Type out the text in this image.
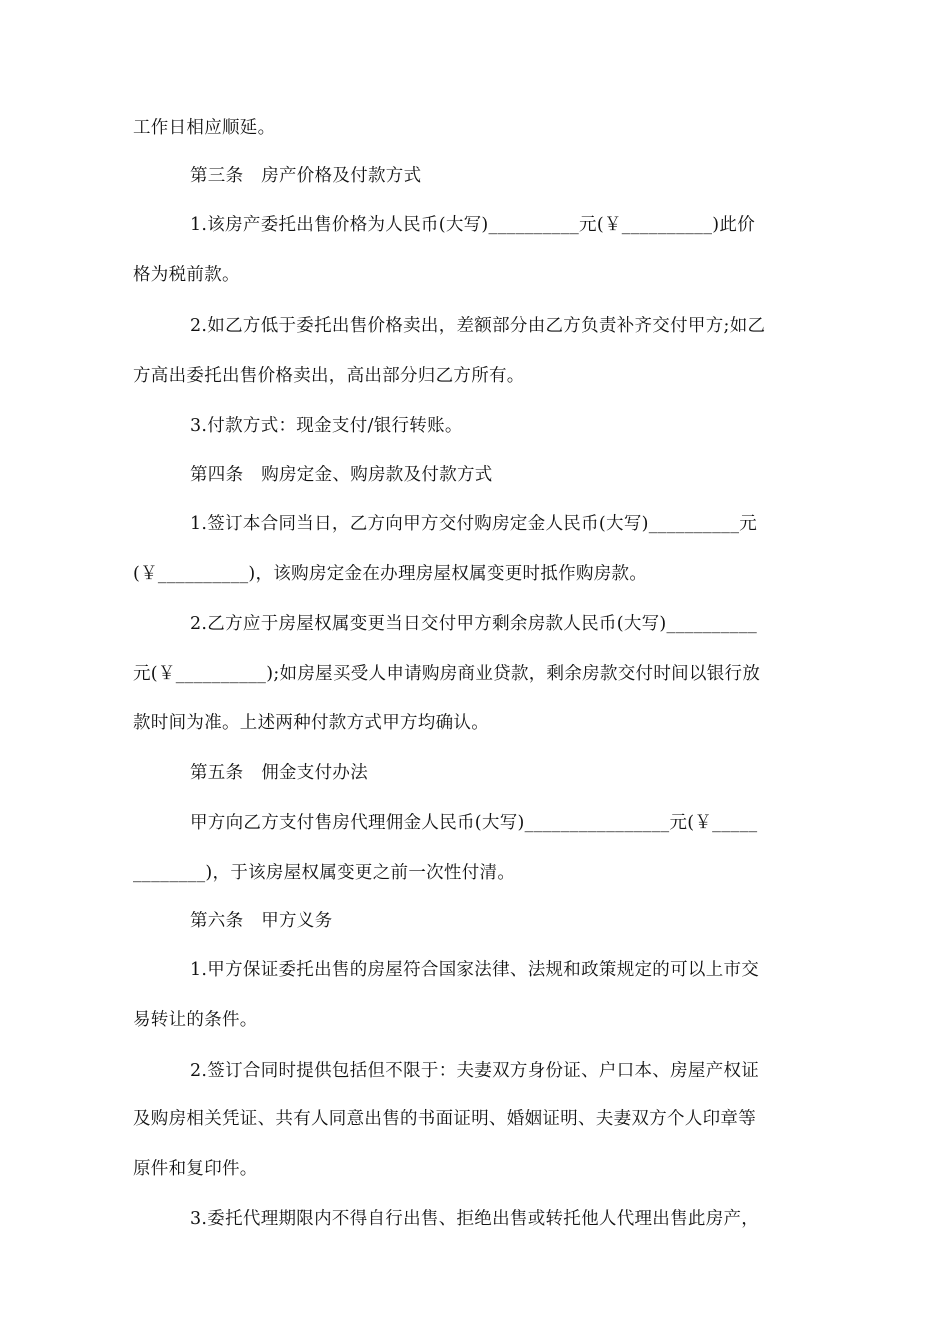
工作日相应顺延。
第三条　房产价格及付款方式
1.该房产委托出售价格为人民币(大写)__________元(￥__________)此价
格为税前款。
2.如乙方低于委托出售价格卖出，差额部分由乙方负责补齐交付甲方;如乙
方高出委托出售价格卖出，高出部分归乙方所有。
3.付款方式：现金支付/银行转账。
第四条　购房定金、购房款及付款方式
1.签订本合同当日，乙方向甲方交付购房定金人民币(大写)__________元
(￥__________)，该购房定金在办理房屋权属变更时抵作购房款。
2.乙方应于房屋权属变更当日交付甲方剩余房款人民币(大写)__________
元(￥__________);如房屋买受人申请购房商业贷款，剩余房款交付时间以银行放
款时间为准。上述两种付款方式甲方均确认。
第五条　佣金支付办法
甲方向乙方支付售房代理佣金人民币(大写)________________元(￥_____
________)，于该房屋权属变更之前一次性付清。
第六条　甲方义务
1.甲方保证委托出售的房屋符合国家法律、法规和政策规定的可以上市交
易转让的条件。
2.签订合同时提供包括但不限于：夫妻双方身份证、户口本、房屋产权证
及购房相关凭证、共有人同意出售的书面证明、婚姻证明、夫妻双方个人印章等
原件和复印件。
3.委托代理期限内不得自行出售、拒绝出售或转托他人代理出售此房产，
